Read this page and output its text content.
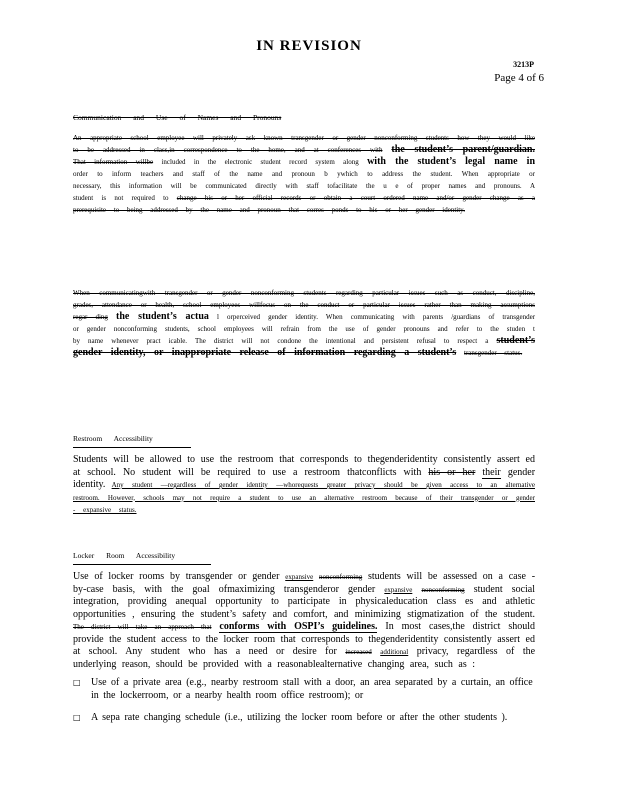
IN REVISION
3213P
Page 4 of 6
Communication and Use of Names and Pronouns

An appropriate school employee will privately ask known transgender or gender nonconforming students how they would like to be addressed in class,in correspondence to the home, and at conferences with the student’s parent/guardian. That information willbe included in the electronic student record system along with the student’s legal name in order to inform teachers and staff of the name and pronoun b ywhich to address the student. When appropriate or necessary, this information will be communicated directly with staff tofacilitate the u e of proper names and pronouns. A student is not required to change his or her official records or obtain a court ordered name and/or gender change as a prerequisite to being addressed by the name and pronoun that corres ponds to his or her gender identity.

When communicatingwith transgender or gender nonconforming students regarding particular issues such as conduct, discipline, grades, attendance or health, school employees willfocus on the conduct or particular issues rather than making assumptions regar ding the student’s actua l orperceived gender identity. When communicating with parents /guardians of transgender or gender nonconforming students, school employees will refrain from the use of gender pronouns and refer to the studen t by name whenever pract icable. The district will not condone the intentional and persistent refusal to respect a student’s gender identity, or inappropriate release of information regarding a student’s transgender status.

Restroom Accessibility

Students will be allowed to use the restroom that corresponds to thegenderidentity consistently assert ed at school. No student will be required to use a restroom thatconflicts with his or her their gender identity. Any student —regardless of gender identity —whorequests greater privacy should be given access to an alternative restroom. However, schools may not require a student to use an alternative restroom because of their transgender or gender - expansive status.

Locker Room Accessibility

Use of locker rooms by transgender or gender expansive nonconforming students will be assessed on a case -by-case basis, with the goal ofmaximizing transgenderor gender expansive nonconforming student social integration, providing anequal opportunity to participate in physicaleducation class es and athletic opportunities , ensuring the student’s safety and comfort, and minimizing stigmatization of the student. The district will take an approach that conforms with OSPI’s guidelines. In most cases,the district should provide the student access to the locker room that corresponds to thegenderidentity consistently assert ed at school. Any student who has a need or desire for increased additional privacy, regardless of the underlying reason, should be provided with a reasonablealternative changing area, such as :

□	Use of a private area (e.g., nearby restroom stall with a door, an area separated by a curtain, an office in the lockerroom, or a nearby health room office restroom); or
□	A sepa rate changing schedule (i.e., utilizing the locker room before or after the other students ).
